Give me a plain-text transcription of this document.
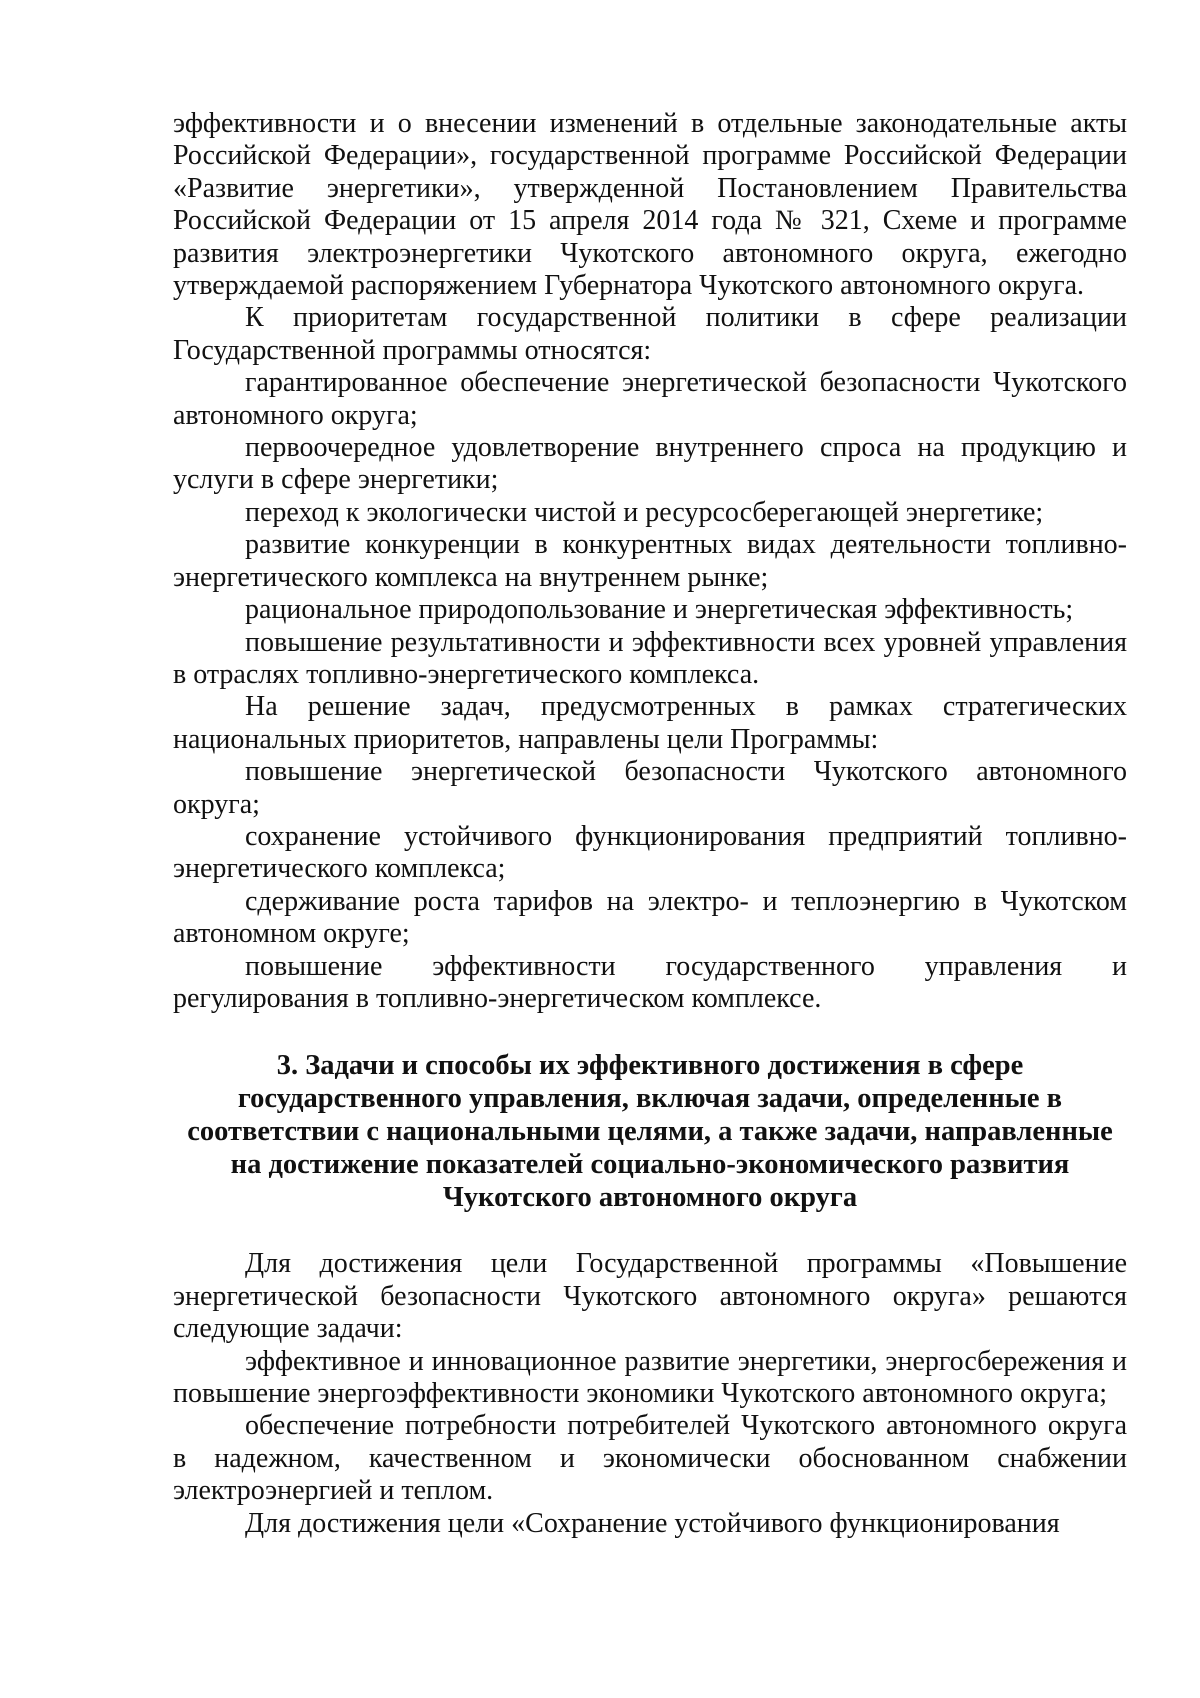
эффективности и о внесении изменений в отдельные законодательные акты Российской Федерации», государственной программе Российской Федерации «Развитие энергетики», утвержденной Постановлением Правительства Российской Федерации от 15 апреля 2014 года № 321, Схеме и программе развития электроэнергетики Чукотского автономного округа, ежегодно утверждаемой распоряжением Губернатора Чукотского автономного округа.

К приоритетам государственной политики в сфере реализации Государственной программы относятся:

гарантированное обеспечение энергетической безопасности Чукотского автономного округа;

первоочередное удовлетворение внутреннего спроса на продукцию и услуги в сфере энергетики;

переход к экологически чистой и ресурсосберегающей энергетике;

развитие конкуренции в конкурентных видах деятельности топливно-энергетического комплекса на внутреннем рынке;

рациональное природопользование и энергетическая эффективность;

повышение результативности и эффективности всех уровней управления в отраслях топливно-энергетического комплекса.

На решение задач, предусмотренных в рамках стратегических национальных приоритетов, направлены цели Программы:

повышение энергетической безопасности Чукотского автономного округа;

сохранение устойчивого функционирования предприятий топливно-энергетического комплекса;

сдерживание роста тарифов на электро- и теплоэнергию в Чукотском автономном округе;

повышение эффективности государственного управления и регулирования в топливно-энергетическом комплексе.

3. Задачи и способы их эффективного достижения в сфере
государственного управления, включая задачи, определенные в
соответствии с национальными целями, а также задачи, направленные
на достижение показателей социально-экономического развития
Чукотского автономного округа

Для достижения цели Государственной программы «Повышение энергетической безопасности Чукотского автономного округа» решаются следующие задачи:

эффективное и инновационное развитие энергетики, энергосбережения и повышение энергоэффективности экономики Чукотского автономного округа;

обеспечение потребности потребителей Чукотского автономного округа в надежном, качественном и экономически обоснованном снабжении электроэнергией и теплом.

Для достижения цели «Сохранение устойчивого функционирования
